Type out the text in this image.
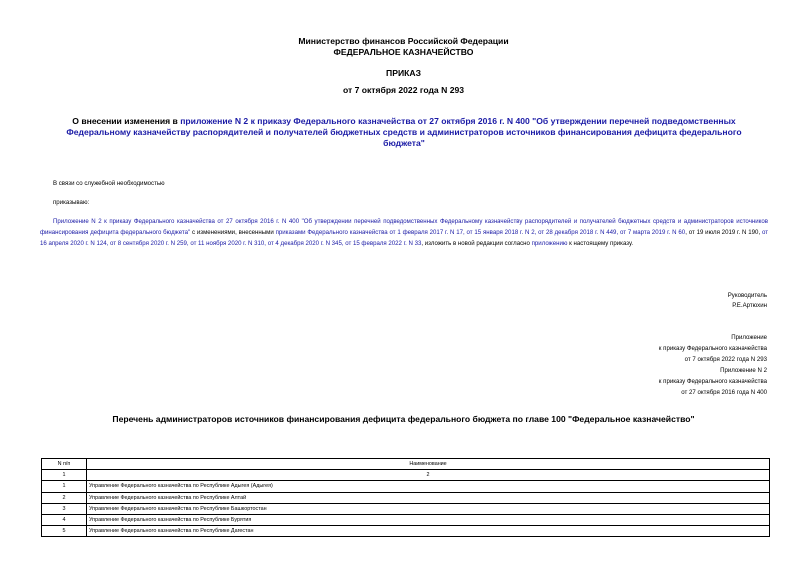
Министерство финансов Российской Федерации
ФЕДЕРАЛЬНОЕ КАЗНАЧЕЙСТВО
ПРИКАЗ
от 7 октября 2022 года N 293
О внесении изменения в приложение N 2 к приказу Федерального казначейства от 27 октября 2016 г. N 400 "Об утверждении перечней подведомственных Федеральному казначейству распорядителей и получателей бюджетных средств и администраторов источников финансирования дефицита федерального бюджета"
В связи со служебной необходимостью
приказываю:
Приложение N 2 к приказу Федерального казначейства от 27 октября 2016 г. N 400 "Об утверждении перечней подведомственных Федеральному казначейству распорядителей и получателей бюджетных средств и администраторов источников финансирования дефицита федерального бюджета" с изменениями, внесенными приказами Федерального казначейства от 1 февраля 2017 г. N 17, от 15 января 2018 г. N 2, от 28 декабря 2018 г. N 449, от 7 марта 2019 г. N 60, от 19 июля 2019 г. N 190, от 16 апреля 2020 г. N 124, от 8 сентября 2020 г. N 259, от 11 ноября 2020 г. N 310, от 4 декабря 2020 г. N 345, от 15 февраля 2022 г. N 33, изложить в новой редакции согласно приложению к настоящему приказу.
Руководитель
Р.Е.Артюхин
Приложение
к приказу Федерального казначейства
от 7 октября 2022 года N 293
Приложение N 2
к приказу Федерального казначейства
от 27 октября 2016 года N 400
Перечень администраторов источников финансирования дефицита федерального бюджета по главе 100 "Федеральное казначейство"
N п/п	Наименование
1	2
1	Управление Федерального казначейства по Республике Адыгея (Адыгея)
2	Управление Федерального казначейства по Республике Алтай
3	Управление Федерального казначейства по Республике Башкортостан
4	Управление Федерального казначейства по Республике Бурятия
5	Управление Федерального казначейства по Республике Дагестан
